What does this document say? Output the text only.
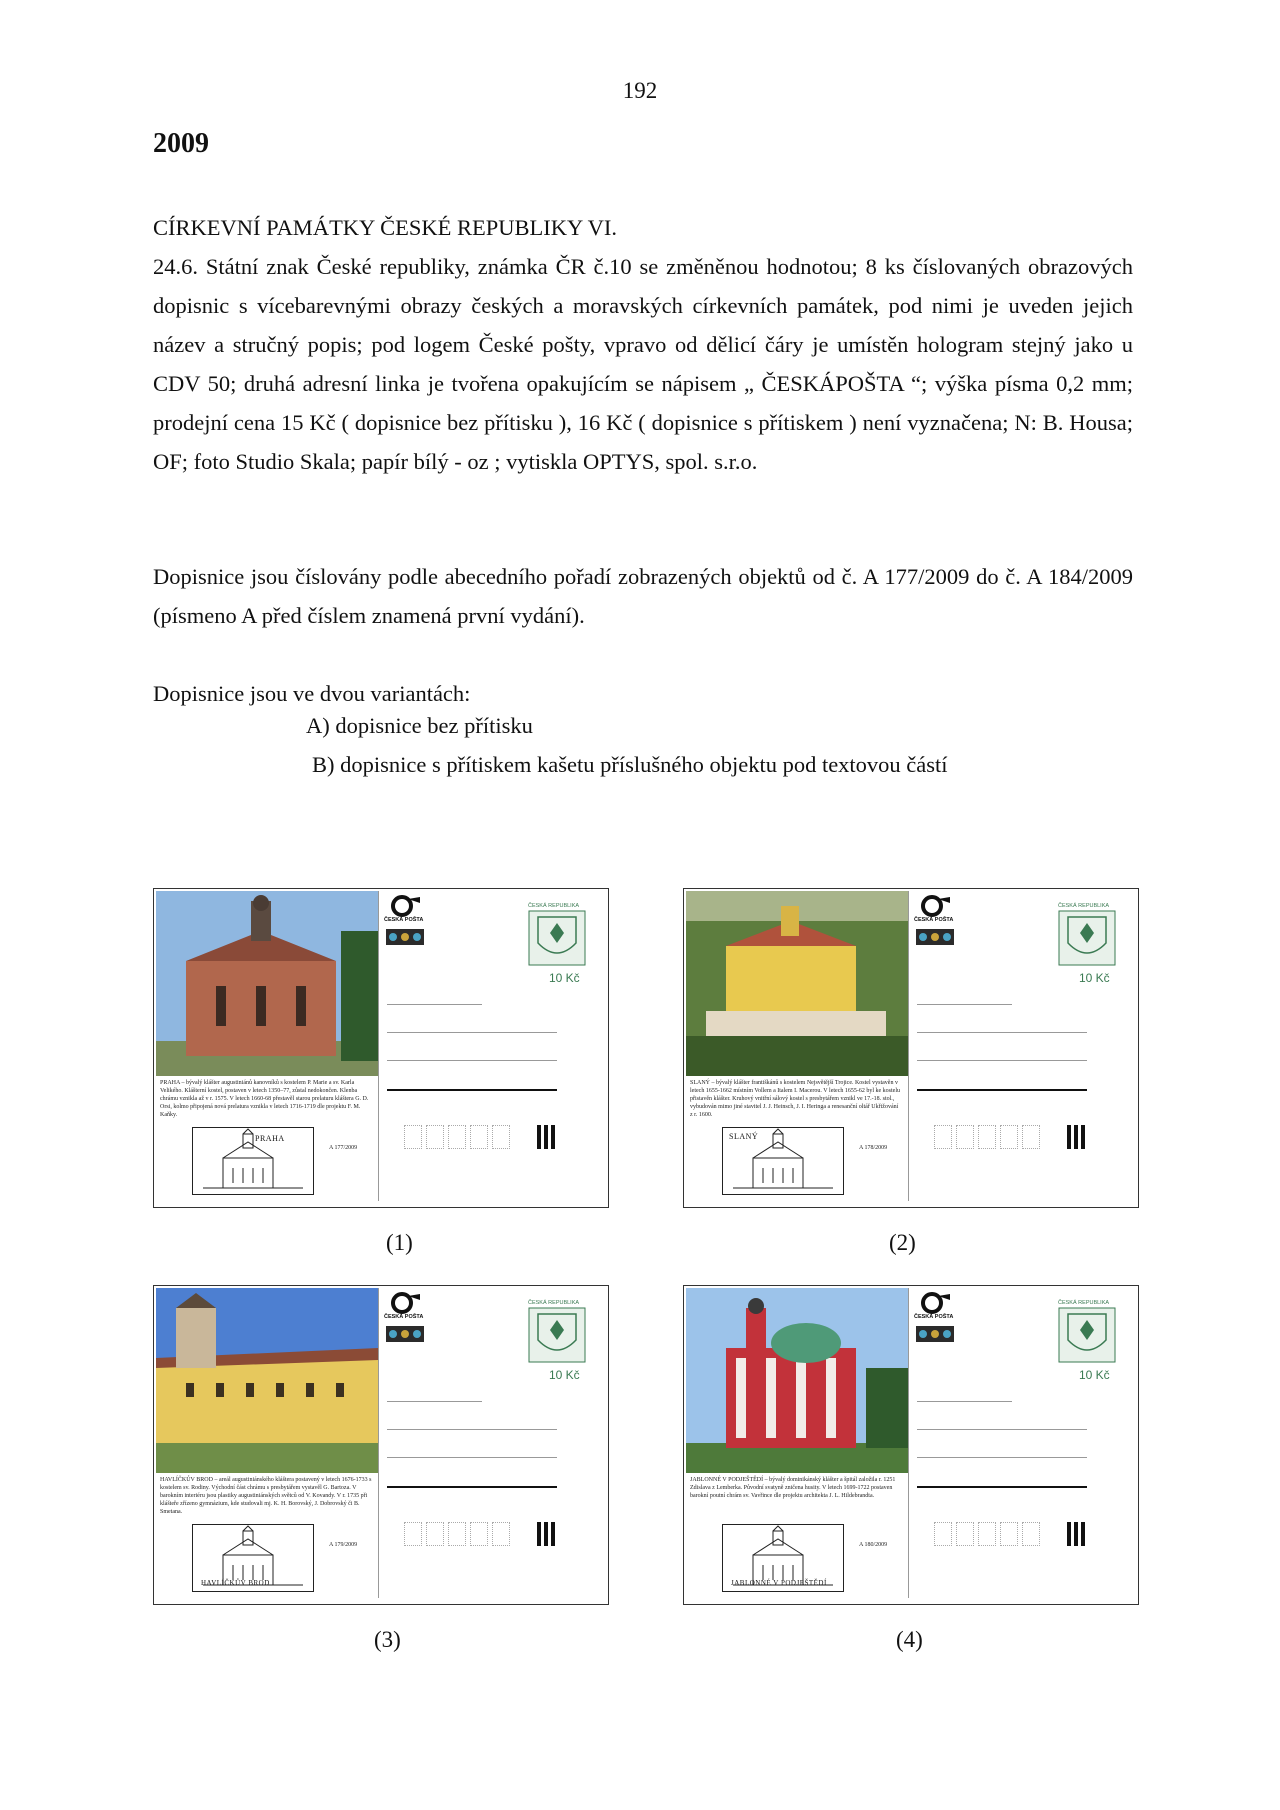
192
2009
CÍRKEVNÍ PAMÁTKY ČESKÉ REPUBLIKY VI.
24.6. Státní znak České republiky, známka ČR č.10 se změněnou hodnotou; 8 ks číslovaných obrazových dopisnic s vícebarevnými obrazy českých a moravských církevních památek, pod nimi je uveden jejich název a stručný popis; pod logem České pošty, vpravo od dělicí čáry je umístěn hologram stejný jako u CDV 50; druhá adresní linka je tvořena opakujícím se nápisem „ ČESKÁPOŠTA “; výška písma 0,2 mm; prodejní cena 15 Kč ( dopisnice bez přítisku ), 16 Kč ( dopisnice s přítiskem ) není vyznačena; N: B. Housa; OF; foto Studio Skala; papír bílý - oz ; vytiskla OPTYS, spol. s.r.o.
Dopisnice jsou číslovány podle abecedního pořadí zobrazených objektů od č. A 177/2009 do č. A 184/2009 (písmeno A před číslem znamená první vydání).
Dopisnice jsou ve dvou variantách:
A) dopisnice bez přítisku
B) dopisnice s přítiskem kašetu příslušného objektu pod textovou částí
PRAHA – bývalý klášter augustiniánů kanovníků s kostelem P. Marie a sv. Karla Velikého. Klášterní kostel, postaven v letech 1350–77, zůstal nedokončen. Klenba chrámu vznikla až v r. 1575. V letech 1660-68 přestavěl starou prelaturu klášterа G. D. Orsi, kolmo připojená nová prelatura vznikla v letech 1716-1719 dle projektu F. M. Kaňky.
PRAHA
A 177/2009
ČESKÁ POŠTA
ČESKÁ REPUBLIKA
10 Kč
SLANÝ – bývalý klášter františkánů s kostelem Nejsvětější Trojice. Kostel vystavěn v letech 1655-1662 místním Vollem a Italem I. Macerou. V letech 1655-62 byl ke kostelu přistavěn klášter. Kruhový vnitřní sálový kostel s presbytářem vznikl ve 17.-18. stol., vybudován mimo jiné stavitel J. J. Heinsch, J. I. Heringa a renesanční oltář Ukřižování z r. 1600.
SLANÝ
A 178/2009
ČESKÁ POŠTA
ČESKÁ REPUBLIKA
10 Kč
HAVLÍČKŮV BROD – areál augustiniánského kláštera postavený v letech 1676-1733 s kostelem sv. Rodiny. Východní část chrámu s presbytářem vystavěl G. Bartoza. V barokním interiéru jsou plastiky augustiniánských světců od V. Kovandy. V r. 1735 při klášteře zřízeno gymnázium, kde studovali mj. K. H. Borovský, J. Dobrovský či B. Smetana.
HAVLÍČKŮV BROD
A 179/2009
ČESKÁ POŠTA
ČESKÁ REPUBLIKA
10 Kč
JABLONNÉ V PODJEŠTĚDÍ – bývalý dominikánský klášter a špitál založila r. 1251 Zdislava z Lemberka. Původní svatyně zničena husity. V letech 1699-1722 postaven barokní poutní chrám sv. Vavřince dle projektu architekta J. L. Hildebrandta.
JABLONNÉ V PODJEŠTĚDÍ
A 180/2009
ČESKÁ POŠTA
ČESKÁ REPUBLIKA
10 Kč
(1)	(2)
(3)	(4)
